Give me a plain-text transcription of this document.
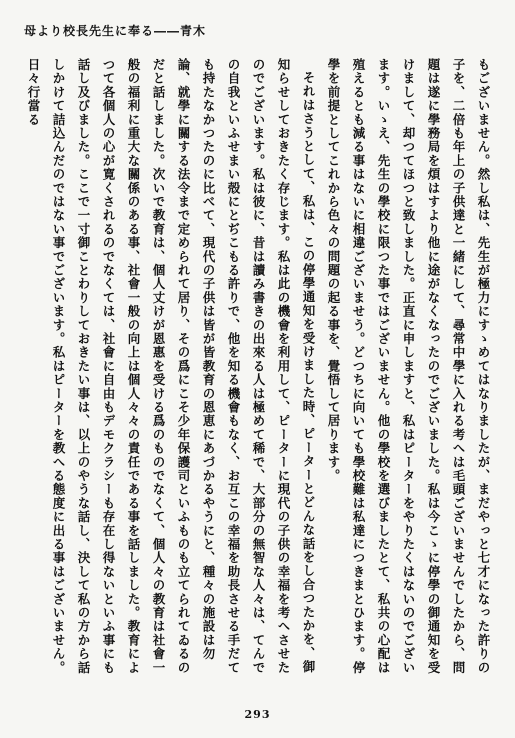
母より校長先生に奉る――青木

もございません。然し私は、先生が極力にすゝめてはなりましたが、まだやっと七才になった許りの子を、二倍も年上の子供達と一緒にして、尋常中學に入れる考へは毛頭ございませんでしたから、問題は遂に學務局を煩はすより他に途がなくなったのでございました。私は今こゝに停學の御通知を受けまして、却つてほつと致しました。正直に申しますと、私はピーターをやりたくはないのでございます。いゝえ、先生の學校に限つた事ではございません。他の學校を選びましたとて、私共の心配は殖えるとも減る事はないに相違ございませう。どつちに向いても學校難は私達につきまとひます。停學を前提としてこれから色々の問題の起る事を、覺悟して居ります。

それはさうとして、私は、この停學通知を受けました時、ピーターとどんな話をし合つたかを、御知らせしておきたく存じます。私は此の機會を利用して、ピーターに現代の子供の幸福を考へさせたのでございます。私は彼に、昔は讀み書きの出來る人は極めて稀で、大部分の無智な人々は、てんでの自我といふせまい殻にとぢこもる許りで、他を知る機會もなく、お互この幸福を助長させる手だても持たなかつたのに比べて、現代の子供は皆が皆教育の恩恵にあづかるやうにと、種々の施設は勿論、就學に關する法令まで定められて居り、その爲にこそ少年保護司といふものも立てられてゐるのだと話しました。次いで教育は、個人丈けが恩惠を受ける爲のものでなくて、個人々の教育は社會一般の福利に重大な關係のある事、社會一般の向上は個人々々の責任である事を話しました。教育によつて各個人の心が寛くされるのでなくては、社會に自由もデモクラシーも存在し得ないといふ事にも話し及びました。ここで一寸御ことわりしておきたい事は、以上のやうな話し、決して私の方から話しかけて詰込んだのではない事でございます。私はピーターを教へる態度に出る事はございません。日々行當る

293
